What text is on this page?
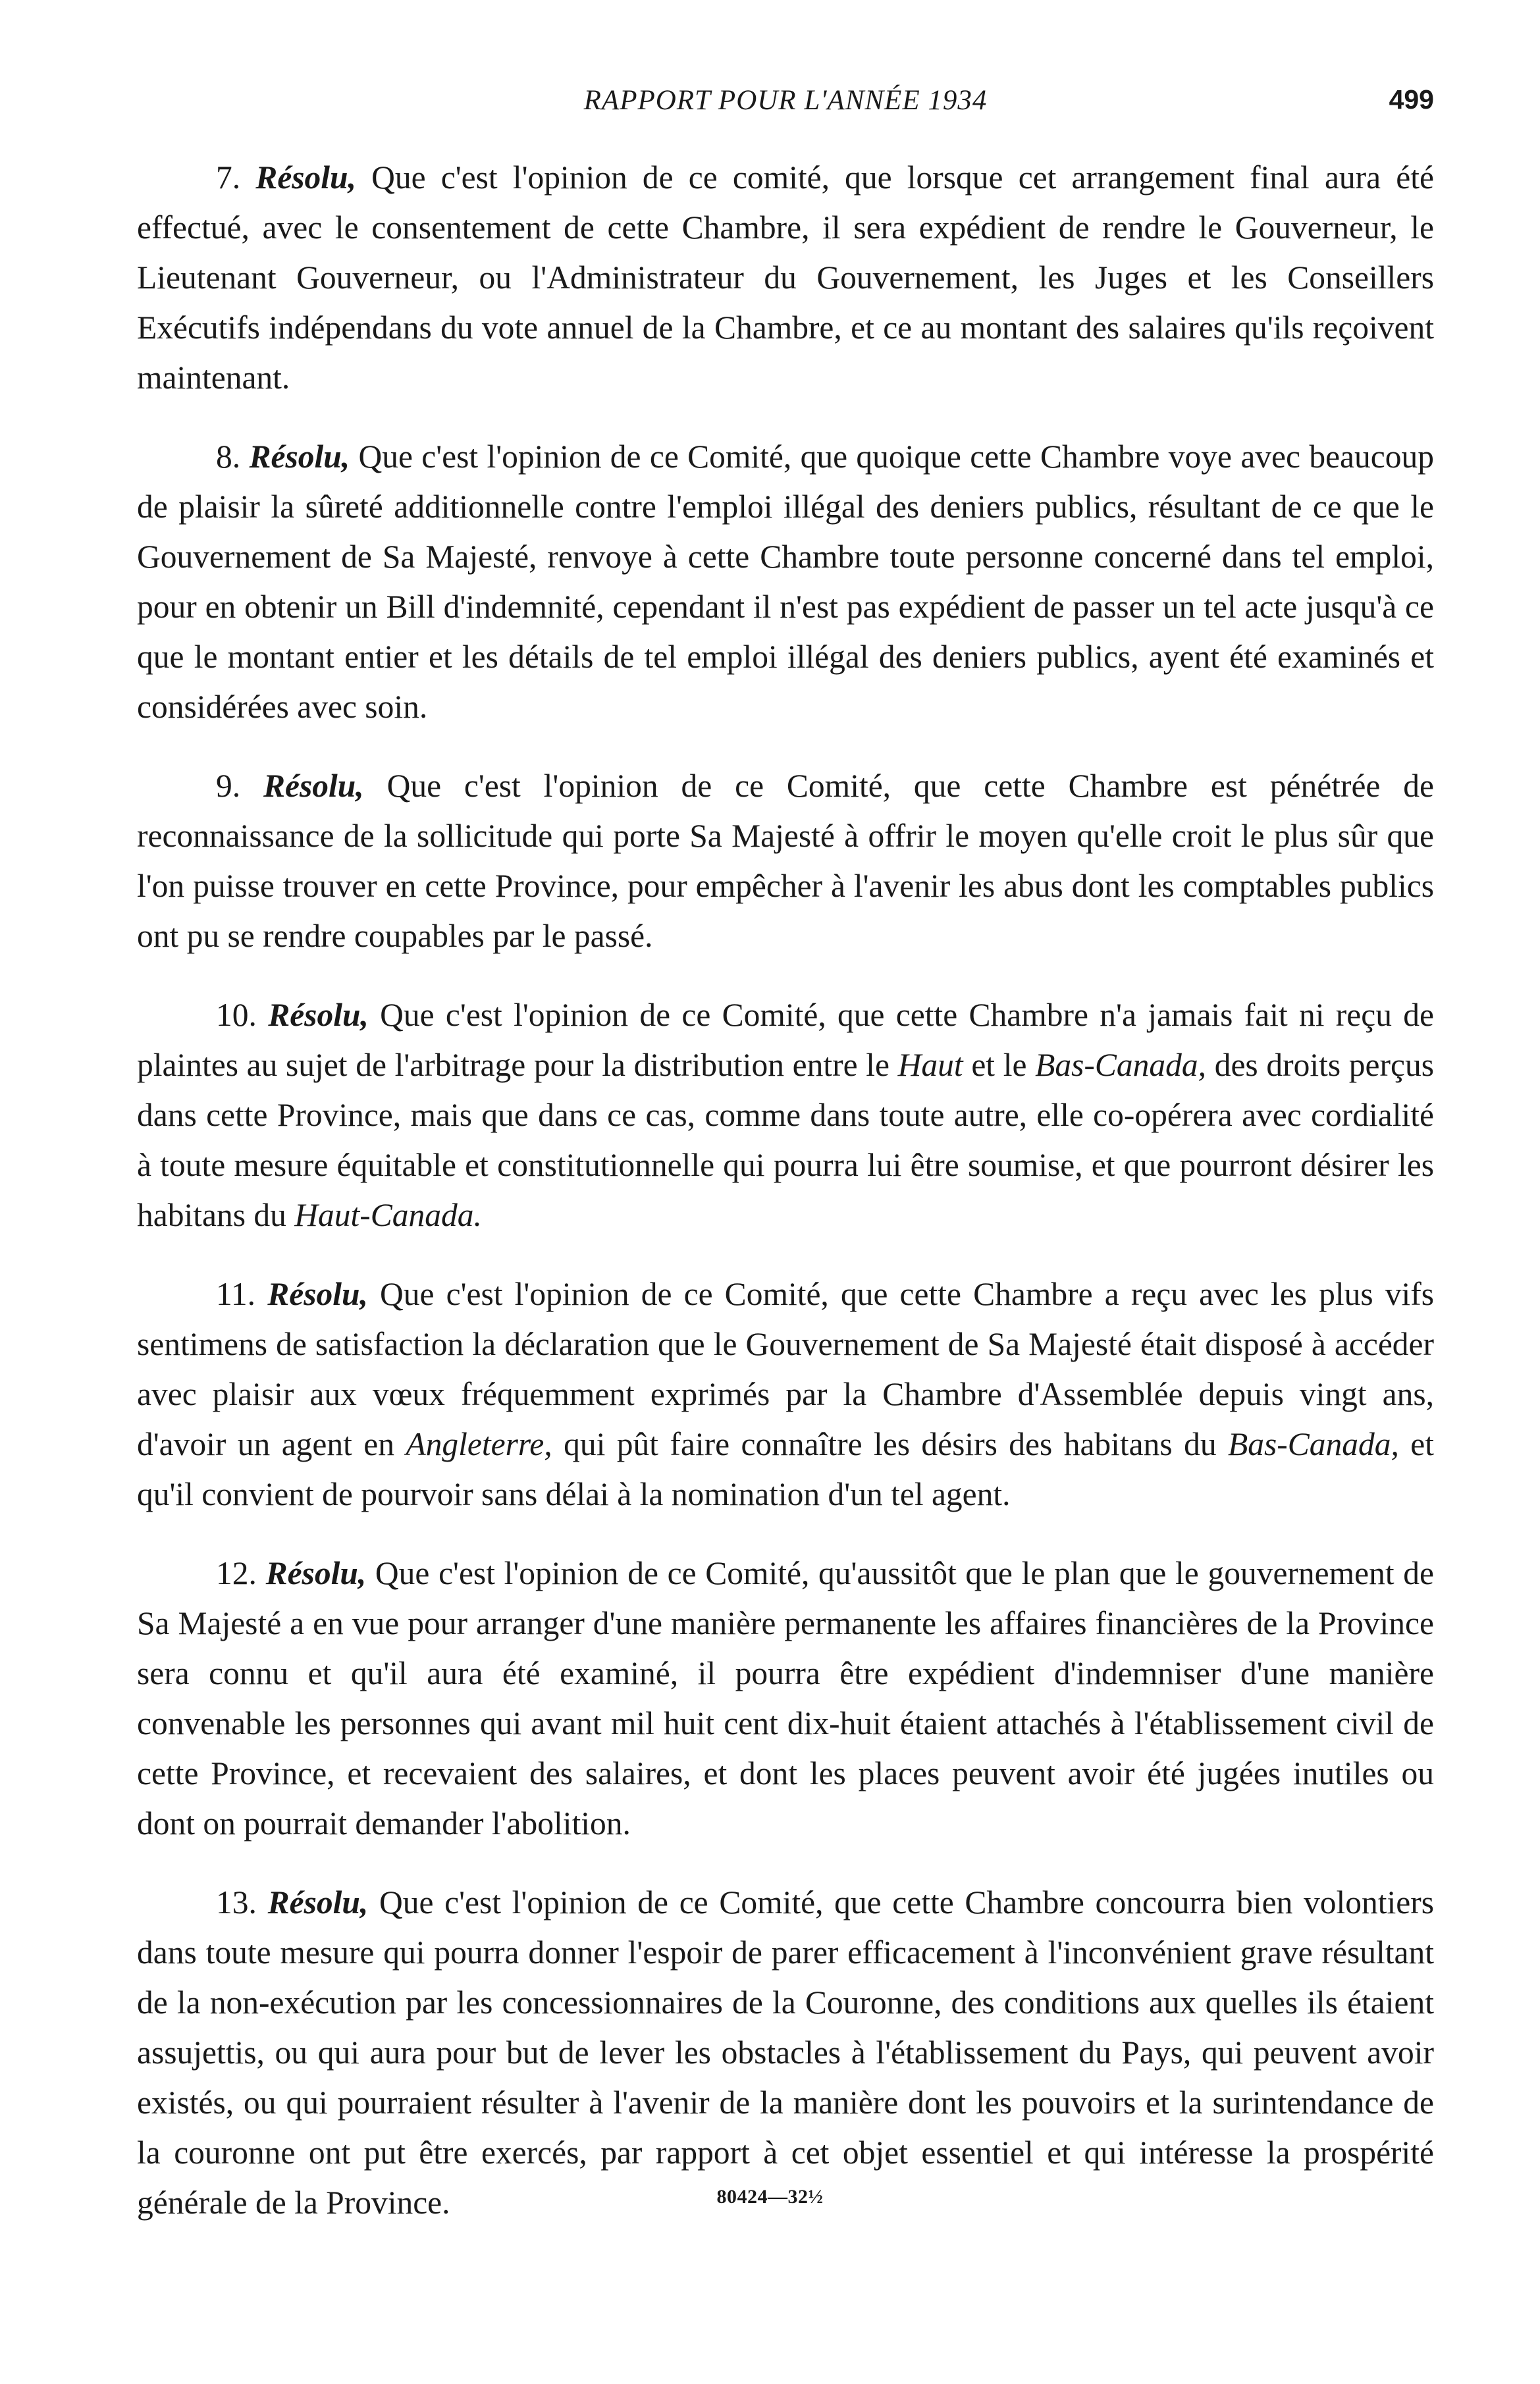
RAPPORT POUR L'ANNÉE 1934	499

7. Résolu, Que c'est l'opinion de ce comité, que lorsque cet arrangement final aura été effectué, avec le consentement de cette Chambre, il sera expédient de rendre le Gouverneur, le Lieutenant Gouverneur, ou l'Administrateur du Gouvernement, les Juges et les Conseillers Exécutifs indépendans du vote annuel de la Chambre, et ce au montant des salaires qu'ils reçoivent maintenant.

8. Résolu, Que c'est l'opinion de ce Comité, que quoique cette Chambre voye avec beaucoup de plaisir la sûreté additionnelle contre l'emploi illégal des deniers publics, résultant de ce que le Gouvernement de Sa Majesté, renvoye à cette Chambre toute personne concerné dans tel emploi, pour en obtenir un Bill d'indemnité, cependant il n'est pas expédient de passer un tel acte jusqu'à ce que le montant entier et les détails de tel emploi illégal des deniers publics, ayent été examinés et considérées avec soin.

9. Résolu, Que c'est l'opinion de ce Comité, que cette Chambre est pénétrée de reconnaissance de la sollicitude qui porte Sa Majesté à offrir le moyen qu'elle croit le plus sûr que l'on puisse trouver en cette Province, pour empêcher à l'avenir les abus dont les comptables publics ont pu se rendre coupables par le passé.

10. Résolu, Que c'est l'opinion de ce Comité, que cette Chambre n'a jamais fait ni reçu de plaintes au sujet de l'arbitrage pour la distribution entre le Haut et le Bas-Canada, des droits perçus dans cette Province, mais que dans ce cas, comme dans toute autre, elle co-opérera avec cordialité à toute mesure équitable et constitutionnelle qui pourra lui être soumise, et que pourront désirer les habitans du Haut-Canada.

11. Résolu, Que c'est l'opinion de ce Comité, que cette Chambre a reçu avec les plus vifs sentimens de satisfaction la déclaration que le Gouvernement de Sa Majesté était disposé à accéder avec plaisir aux vœux fréquemment exprimés par la Chambre d'Assemblée depuis vingt ans, d'avoir un agent en Angleterre, qui pût faire connaître les désirs des habitans du Bas-Canada, et qu'il convient de pourvoir sans délai à la nomination d'un tel agent.

12. Résolu, Que c'est l'opinion de ce Comité, qu'aussitôt que le plan que le gouvernement de Sa Majesté a en vue pour arranger d'une manière permanente les affaires financières de la Province sera connu et qu'il aura été examiné, il pourra être expédient d'indemniser d'une manière convenable les personnes qui avant mil huit cent dix-huit étaient attachés à l'établissement civil de cette Province, et recevaient des salaires, et dont les places peuvent avoir été jugées inutiles ou dont on pourrait demander l'abolition.

13. Résolu, Que c'est l'opinion de ce Comité, que cette Chambre concourra bien volontiers dans toute mesure qui pourra donner l'espoir de parer efficacement à l'inconvénient grave résultant de la non-exécution par les concessionnaires de la Couronne, des conditions aux quelles ils étaient assujettis, ou qui aura pour but de lever les obstacles à l'établissement du Pays, qui peuvent avoir existés, ou qui pourraient résulter à l'avenir de la manière dont les pouvoirs et la surintendance de la couronne ont put être exercés, par rapport à cet objet essentiel et qui intéresse la prospérité générale de la Province.	80424—32½
